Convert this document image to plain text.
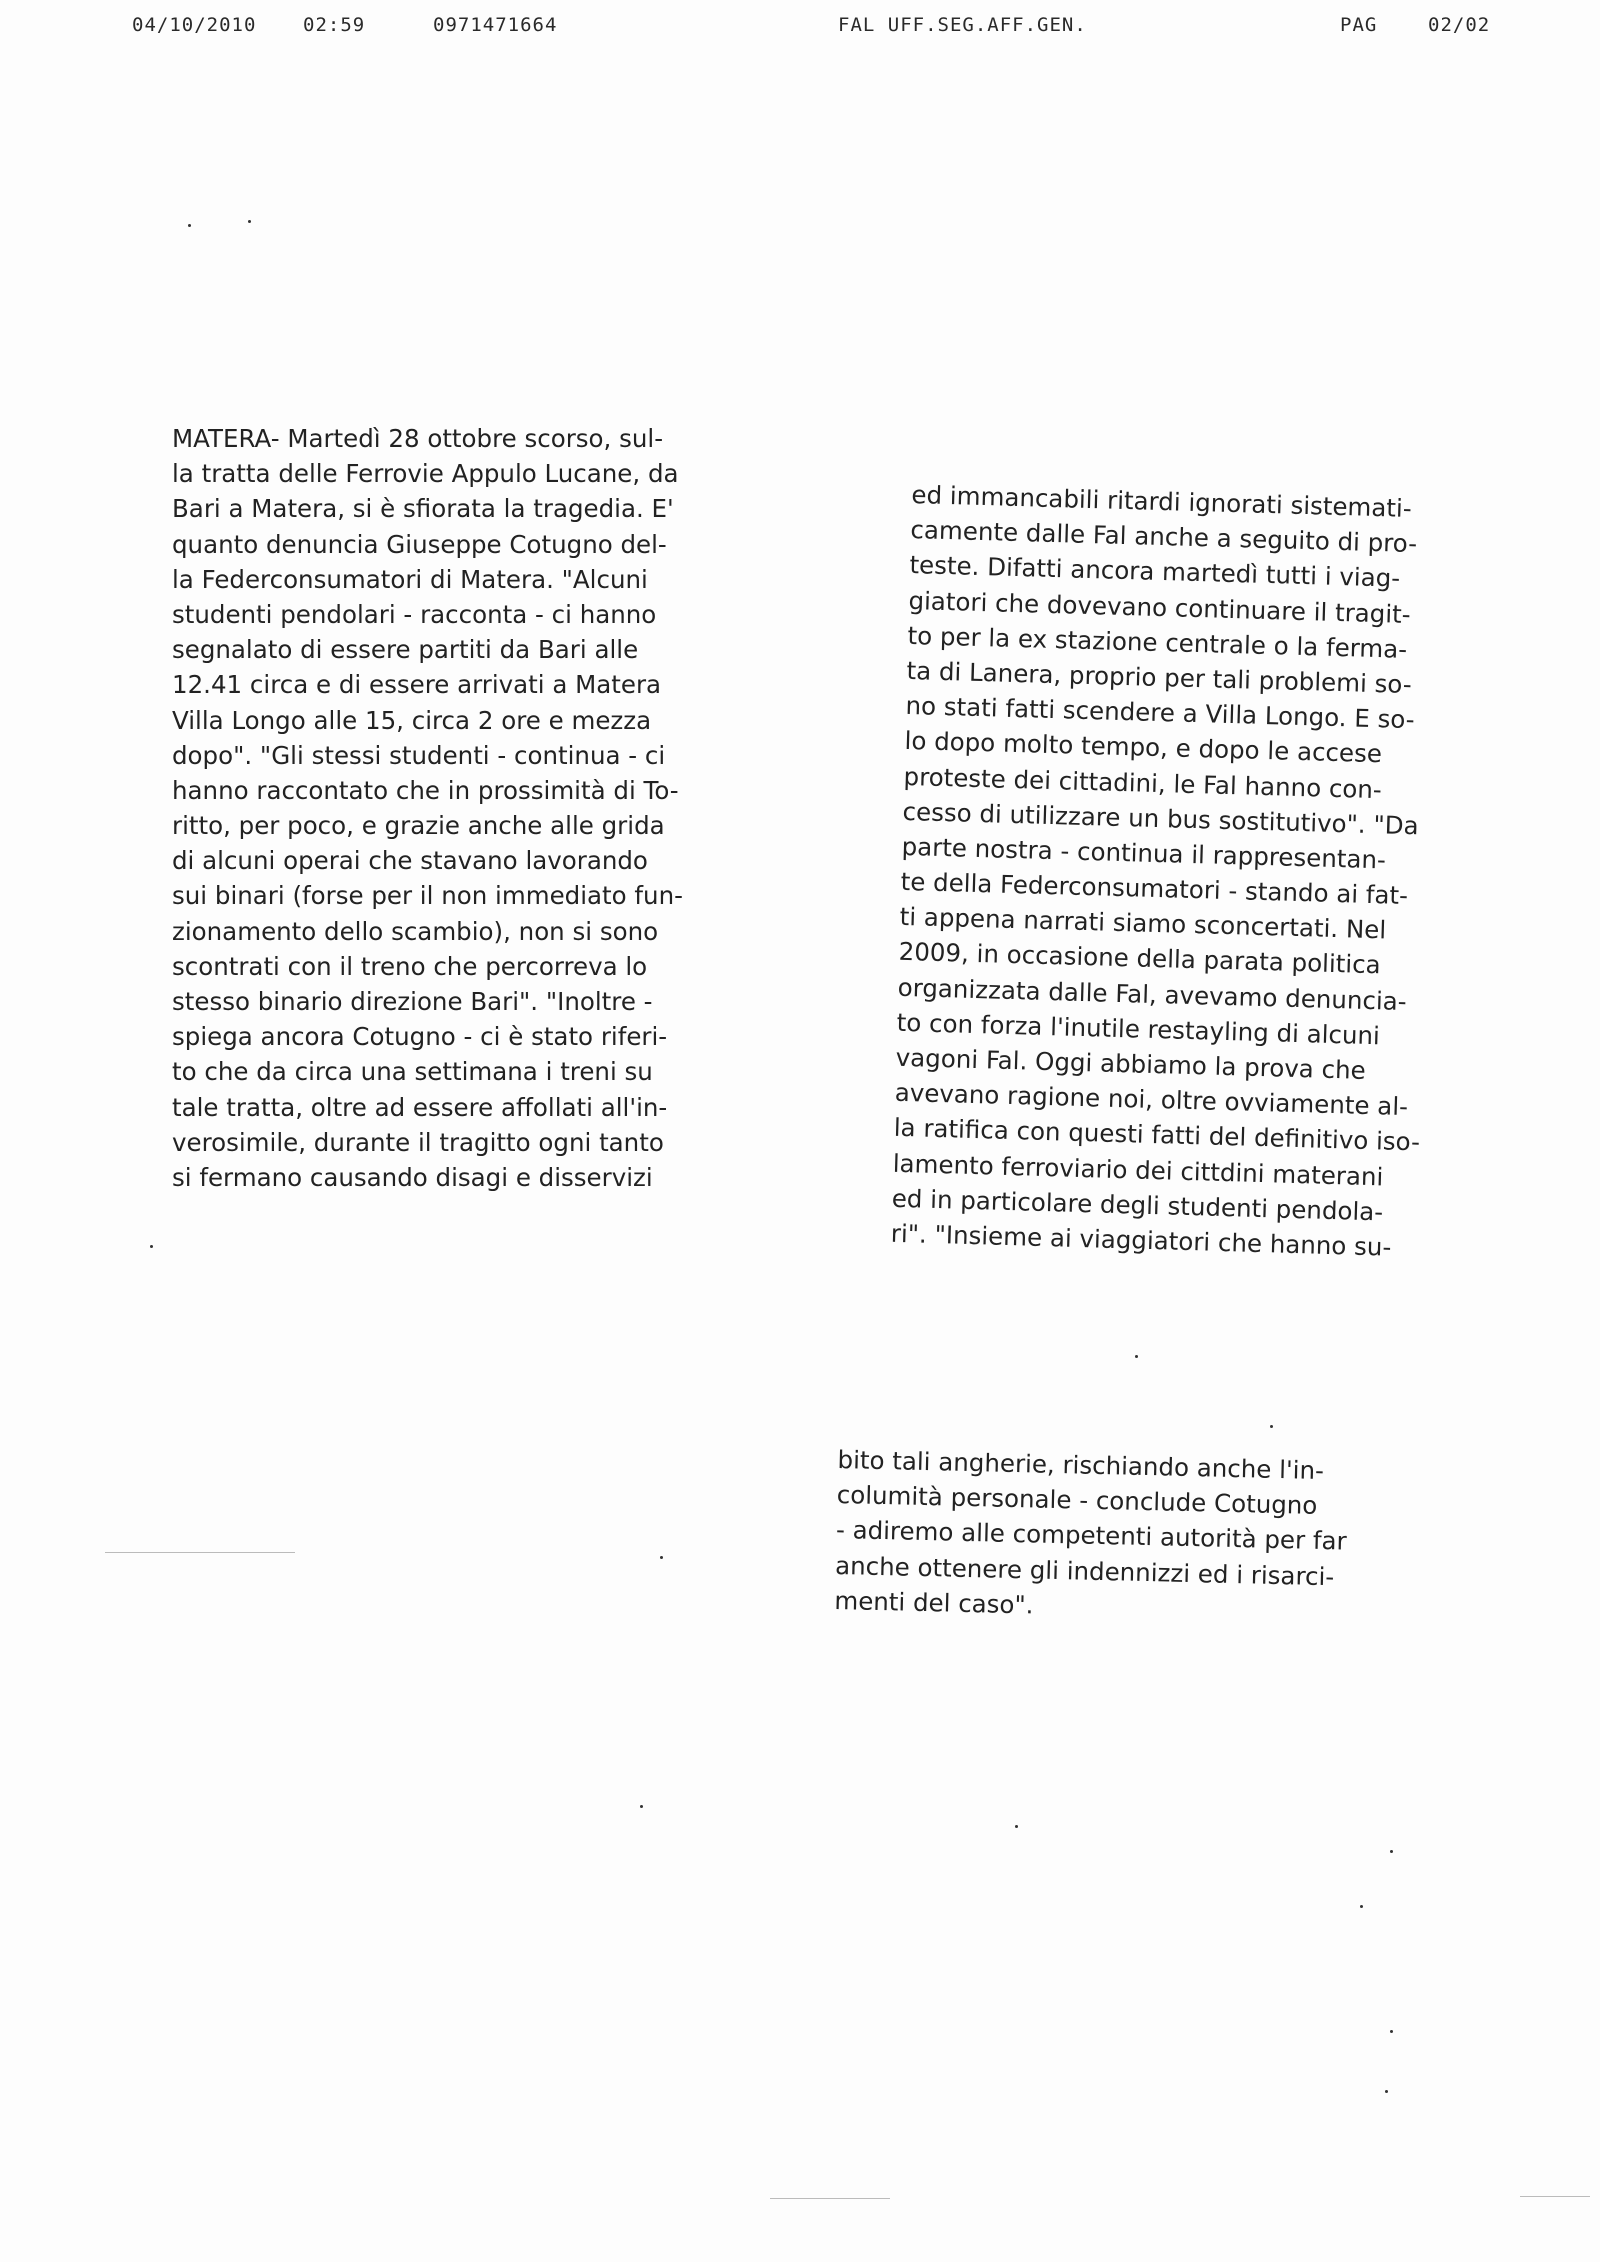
04/10/2010 02:59	0971471664	FAL UFF.SEG.AFF.GEN.	PAG	02/02
MATERA- Martedì 28 ottobre scorso, sul-
la tratta delle Ferrovie Appulo Lucane, da
Bari a Matera, si è sfiorata la tragedia. E'
quanto denuncia Giuseppe Cotugno del-
la Federconsumatori di Matera. "Alcuni
studenti pendolari - racconta - ci hanno
segnalato di essere partiti da Bari alle
12.41 circa e di essere arrivati a Matera
Villa Longo alle 15, circa 2 ore e mezza
dopo". "Gli stessi studenti - continua - ci
hanno raccontato che in prossimità di To-
ritto, per poco, e grazie anche alle grida
di alcuni operai che stavano lavorando
sui binari (forse per il non immediato fun-
zionamento dello scambio), non si sono
scontrati con il treno che percorreva lo
stesso binario direzione Bari". "Inoltre -
spiega ancora Cotugno - ci è stato riferi-
to che da circa una settimana i treni su
tale tratta, oltre ad essere affollati all'in-
verosimile, durante il tragitto ogni tanto
si fermano causando disagi e disservizi
ed immancabili ritardi ignorati sistemati-
camente dalle Fal anche a seguito di pro-
teste. Difatti ancora martedì tutti i viag-
giatori che dovevano continuare il tragit-
to per la ex stazione centrale o la ferma-
ta di Lanera, proprio per tali problemi so-
no stati fatti scendere a Villa Longo. E so-
lo dopo molto tempo, e dopo le accese
proteste dei cittadini, le Fal hanno con-
cesso di utilizzare un bus sostitutivo". "Da
parte nostra - continua il rappresentan-
te della Federconsumatori - stando ai fat-
ti appena narrati siamo sconcertati. Nel
2009, in occasione della parata politica
organizzata dalle Fal, avevamo denuncia-
to con forza l'inutile restayling di alcuni
vagoni Fal. Oggi abbiamo la prova che
avevano ragione noi, oltre ovviamente al-
la ratifica con questi fatti del definitivo iso-
lamento ferroviario dei cittdini materani
ed in particolare degli studenti pendola-
ri". "Insieme ai viaggiatori che hanno su-
bito tali angherie, rischiando anche l'in-
columità personale - conclude Cotugno
- adiremo alle competenti autorità per far
anche ottenere gli indennizzi ed i risarci-
menti del caso".
